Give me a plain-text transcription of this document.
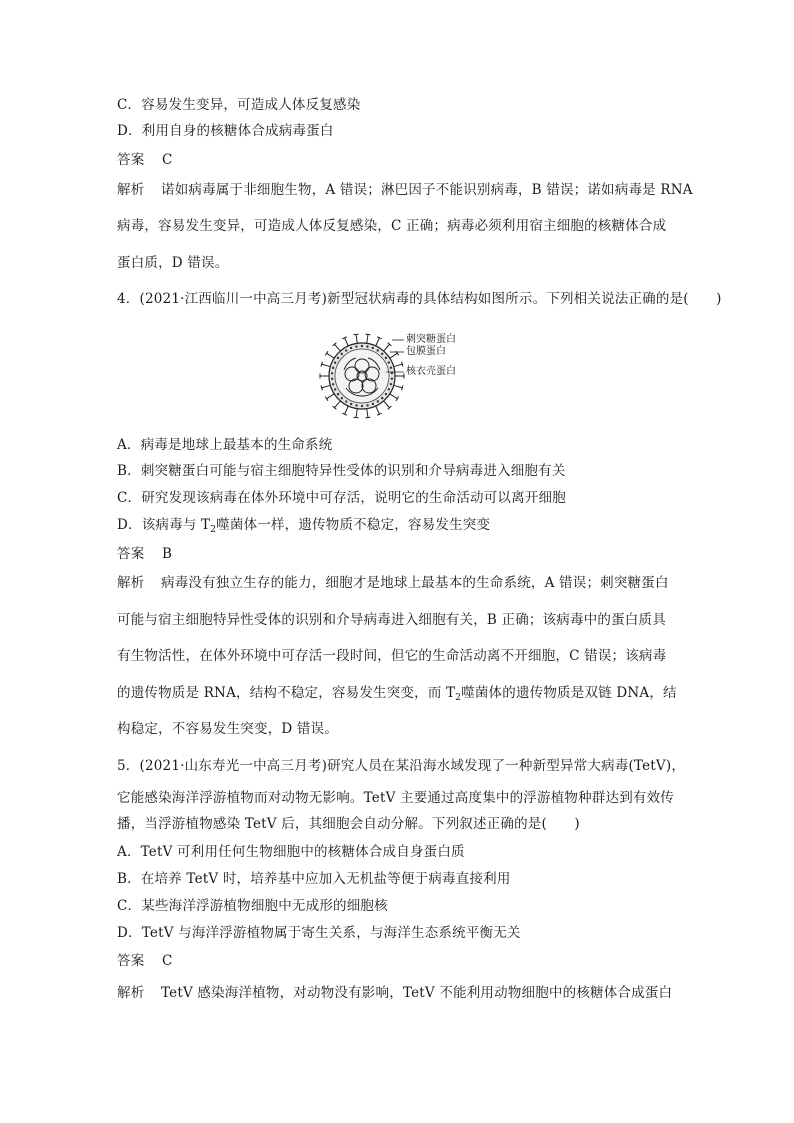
C．容易发生变异，可造成人体反复感染
D．利用自身的核糖体合成病毒蛋白
答案 C
解析 诺如病毒属于非细胞生物，A 错误；淋巴因子不能识别病毒，B 错误；诺如病毒是 RNA
病毒，容易发生变异，可造成人体反复感染，C 正确；病毒必须利用宿主细胞的核糖体合成
蛋白质，D 错误。
4．(2021·江西临川一中高三月考)新型冠状病毒的具体结构如图所示。下列相关说法正确的是(　　)
刺突糖蛋白
包膜蛋白
核衣壳蛋白
A．病毒是地球上最基本的生命系统
B．刺突糖蛋白可能与宿主细胞特异性受体的识别和介导病毒进入细胞有关
C．研究发现该病毒在体外环境中可存活，说明它的生命活动可以离开细胞
D．该病毒与 $T_2$噬菌体一样，遗传物质不稳定，容易发生突变
答案 B
解析 病毒没有独立生存的能力，细胞才是地球上最基本的生命系统，A 错误；刺突糖蛋白
可能与宿主细胞特异性受体的识别和介导病毒进入细胞有关，B 正确；该病毒中的蛋白质具
有生物活性，在体外环境中可存活一段时间，但它的生命活动离不开细胞，C 错误；该病毒
的遗传物质是 RNA，结构不稳定，容易发生突变，而 $T_2$噬菌体的遗传物质是双链 DNA，结
构稳定，不容易发生突变，D 错误。
5．(2021·山东寿光一中高三月考)研究人员在某沿海水域发现了一种新型异常大病毒(TetV)，
它能感染海洋浮游植物而对动物无影响。TetV 主要通过高度集中的浮游植物种群达到有效传
播，当浮游植物感染 TetV 后，其细胞会自动分解。下列叙述正确的是(　　)
A．TetV 可利用任何生物细胞中的核糖体合成自身蛋白质
B．在培养 TetV 时，培养基中应加入无机盐等便于病毒直接利用
C．某些海洋浮游植物细胞中无成形的细胞核
D．TetV 与海洋浮游植物属于寄生关系，与海洋生态系统平衡无关
答案 C
解析 TetV 感染海洋植物，对动物没有影响，TetV 不能利用动物细胞中的核糖体合成蛋白
